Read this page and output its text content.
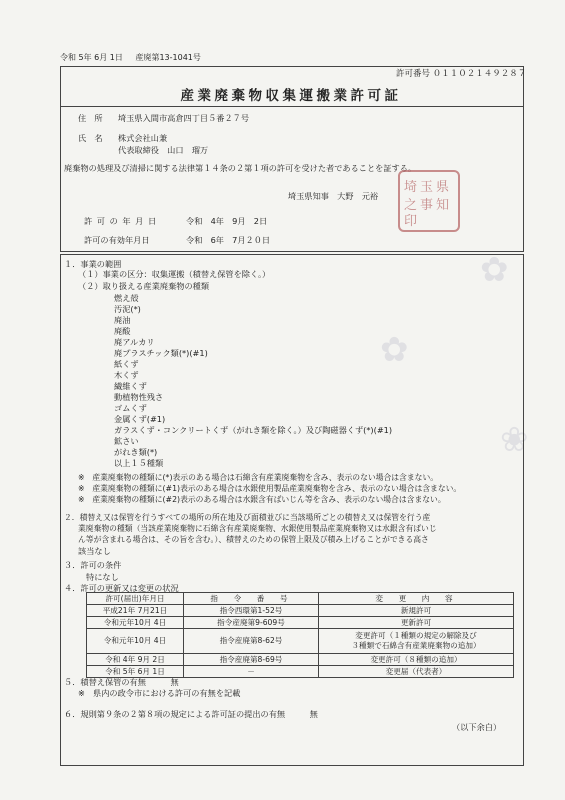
✿
❀
✿
令和 5年 6月 1日 産廃第13-1041号
許可番号 ０１１０２１４９２８７
産業廃棄物収集運搬業許可証
住　所 埼玉県入間市高倉四丁目５番２７号
氏　名 株式会社山兼
代表取締役　山口　瑠万
廃棄物の処理及び清掃に関する法律第１４条の２第１項の許可を受けた者であることを証する。
埼玉県知事　大野　元裕
県
知
玉
事
埼
之
印
許 可 の 年 月 日	令和　4年　9月　2日
許可の有効年月日	令和　6年　7月２０日
１．事業の範囲
（１）事業の区分：収集運搬（積替え保管を除く。）
（２）取り扱える産業廃棄物の種類
燃え殻
汚泥(*)
廃油
廃酸
廃アルカリ
廃プラスチック類(*)(#1)
紙くず
木くず
繊維くず
動植物性残さ
ゴムくず
金属くず(#1)
ガラスくず・コンクリートくず（がれき類を除く。）及び陶磁器くず(*)(#1)
鉱さい
がれき類(*)
以上１５種類
※　産業廃棄物の種類に(*)表示のある場合は石綿含有産業廃棄物を含み、表示のない場合は含まない。
※　産業廃棄物の種類に(#1)表示のある場合は水銀使用製品産業廃棄物を含み、表示のない場合は含まない。
※　産業廃棄物の種類に(#2)表示のある場合は水銀含有ばいじん等を含み、表示のない場合は含まない。
２．積替え又は保管を行うすべての場所の所在地及び面積並びに当該場所ごとの積替え又は保管を行う産
業廃棄物の種類（当該産業廃棄物に石綿含有産業廃棄物、水銀使用製品産業廃棄物又は水銀含有ばいじ
ん等が含まれる場合は、その旨を含む。）、積替えのための保管上限及び積み上げることができる高さ
該当なし
３．許可の条件
特になし
４．許可の更新又は変更の状況
許可(届出)年月日	指　令　番　号	変　更　内　容
平成21年 7月21日	指令西環第1-52号	新規許可
令和元年10月 4日	指令産廃第9-609号	更新許可
令和元年10月 4日	指令産廃第8-62号	変更許可（１種類の規定の解除及び
３種類で石綿含有産業廃棄物の追加）
令和 4年 9月 2日	指令産廃第8-69号	変更許可（８種類の追加）
令和 5年 6月 1日	－	変更届（代表者）
５．積替え保管の有無　　　無
※　県内の政令市における許可の有無を記載
６．規則第９条の２第８項の規定による許可証の提出の有無　　　無
（以下余白）
